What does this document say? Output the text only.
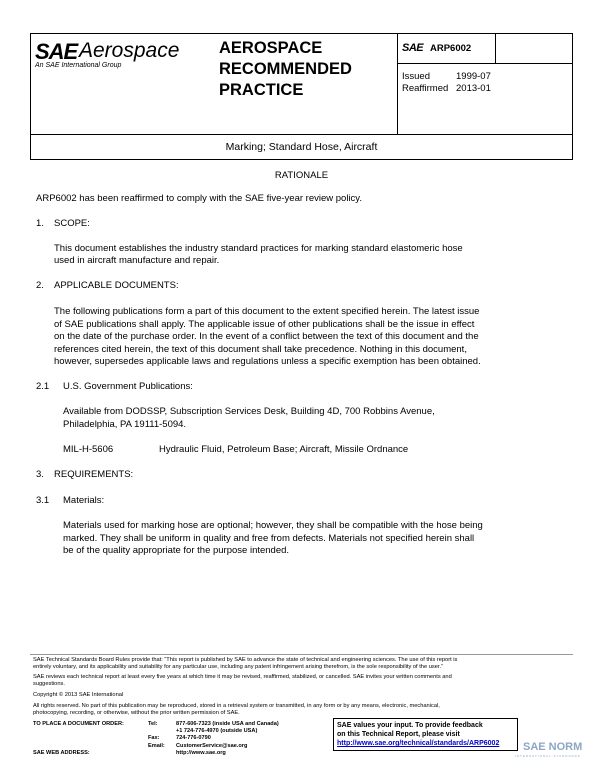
SAE Aerospace
An SAE International Group
AEROSPACE
RECOMMENDED
PRACTICE
SAE ARP6002
Issued	1999-07
Reaffirmed 2013-01
Marking; Standard Hose, Aircraft
RATIONALE
ARP6002 has been reaffirmed to comply with the SAE five-year review policy.
1. SCOPE:
This document establishes the industry standard practices for marking standard elastomeric hose
used in aircraft manufacture and repair.
2. APPLICABLE DOCUMENTS:
The following publications form a part of this document to the extent specified herein. The latest issue
of SAE publications shall apply. The applicable issue of other publications shall be the issue in effect
on the date of the purchase order. In the event of a conflict between the text of this document and the
references cited herein, the text of this document shall take precedence. Nothing in this document,
however, supersedes applicable laws and regulations unless a specific exemption has been obtained.
2.1 U.S. Government Publications:
Available from DODSSP, Subscription Services Desk, Building 4D, 700 Robbins Avenue,
Philadelphia, PA 19111-5094.
MIL-H-5606	Hydraulic Fluid, Petroleum Base; Aircraft, Missile Ordnance
3. REQUIREMENTS:
3.1 Materials:
Materials used for marking hose are optional; however, they shall be compatible with the hose being
marked. They shall be uniform in quality and free from defects. Materials not specified herein shall
be of the quality appropriate for the purpose intended.
SAE Technical Standards Board Rules provide that: “This report is published by SAE to advance the state of technical and engineering sciences. The use of this report is
entirely voluntary, and its applicability and suitability for any particular use, including any patent infringement arising therefrom, is the sole responsibility of the user.”
SAE reviews each technical report at least every five years at which time it may be revised, reaffirmed, stabilized, or cancelled. SAE invites your written comments and
suggestions.
Copyright © 2013 SAE International
All rights reserved. No part of this publication may be reproduced, stored in a retrieval system or transmitted, in any form or by any means, electronic, mechanical,
photocopying, recording, or otherwise, without the prior written permission of SAE.
TO PLACE A DOCUMENT ORDER:	Tel:	877-606-7323 (inside USA and Canada)
+1 724-776-4970 (outside USA)
Fax:	724-776-0790
Email: CustomerService@sae.org
SAE WEB ADDRESS:	http://www.sae.org
SAE values your input. To provide feedback
on this Technical Report, please visit
http://www.sae.org/technical/standards/ARP6002	SAE NORM
INTERNATIONAL STANDARDS
